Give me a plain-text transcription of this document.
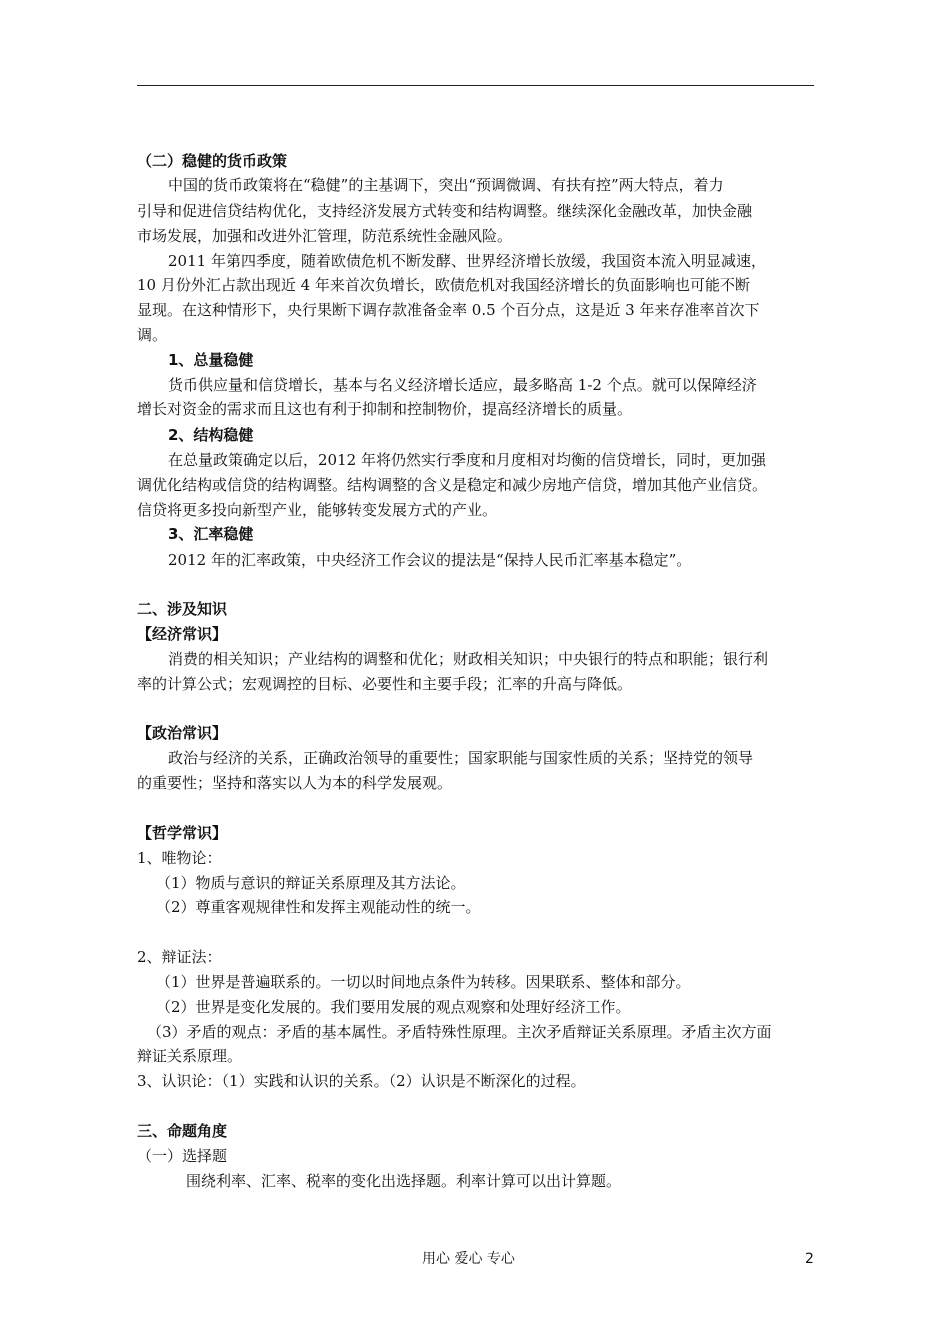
（二）稳健的货币政策
中国的货币政策将在“稳健”的主基调下，突出“预调微调、有扶有控”两大特点，着力
引导和促进信贷结构优化，支持经济发展方式转变和结构调整。继续深化金融改革，加快金融
市场发展，加强和改进外汇管理，防范系统性金融风险。
2011 年第四季度，随着欧债危机不断发酵、世界经济增长放缓，我国资本流入明显减速，
10 月份外汇占款出现近 4 年来首次负增长，欧债危机对我国经济增长的负面影响也可能不断
显现。在这种情形下，央行果断下调存款准备金率 0.5 个百分点，这是近 3 年来存准率首次下
调。
1、总量稳健
货币供应量和信贷增长，基本与名义经济增长适应，最多略高 1-2 个点。就可以保障经济
增长对资金的需求而且这也有利于抑制和控制物价，提高经济增长的质量。
2、结构稳健
在总量政策确定以后，2012 年将仍然实行季度和月度相对均衡的信贷增长，同时，更加强
调优化结构或信贷的结构调整。结构调整的含义是稳定和减少房地产信贷，增加其他产业信贷。
信贷将更多投向新型产业，能够转变发展方式的产业。
3、汇率稳健
2012 年的汇率政策，中央经济工作会议的提法是“保持人民币汇率基本稳定”。
二、涉及知识
【经济常识】
消费的相关知识；产业结构的调整和优化；财政相关知识；中央银行的特点和职能；银行利
率的计算公式；宏观调控的目标、必要性和主要手段；汇率的升高与降低。
【政治常识】
政治与经济的关系，正确政治领导的重要性；国家职能与国家性质的关系；坚持党的领导
的重要性；坚持和落实以人为本的科学发展观。
【哲学常识】
1、唯物论：
（1）物质与意识的辩证关系原理及其方法论。
（2）尊重客观规律性和发挥主观能动性的统一。
2、辩证法：
（1）世界是普遍联系的。一切以时间地点条件为转移。因果联系、整体和部分。
（2）世界是变化发展的。我们要用发展的观点观察和处理好经济工作。
（3）矛盾的观点：矛盾的基本属性。矛盾特殊性原理。主次矛盾辩证关系原理。矛盾主次方面
辩证关系原理。
3、认识论：（1）实践和认识的关系。（2）认识是不断深化的过程。
三、命题角度
（一）选择题
围绕利率、汇率、税率的变化出选择题。利率计算可以出计算题。
用心 爱心 专心	2
